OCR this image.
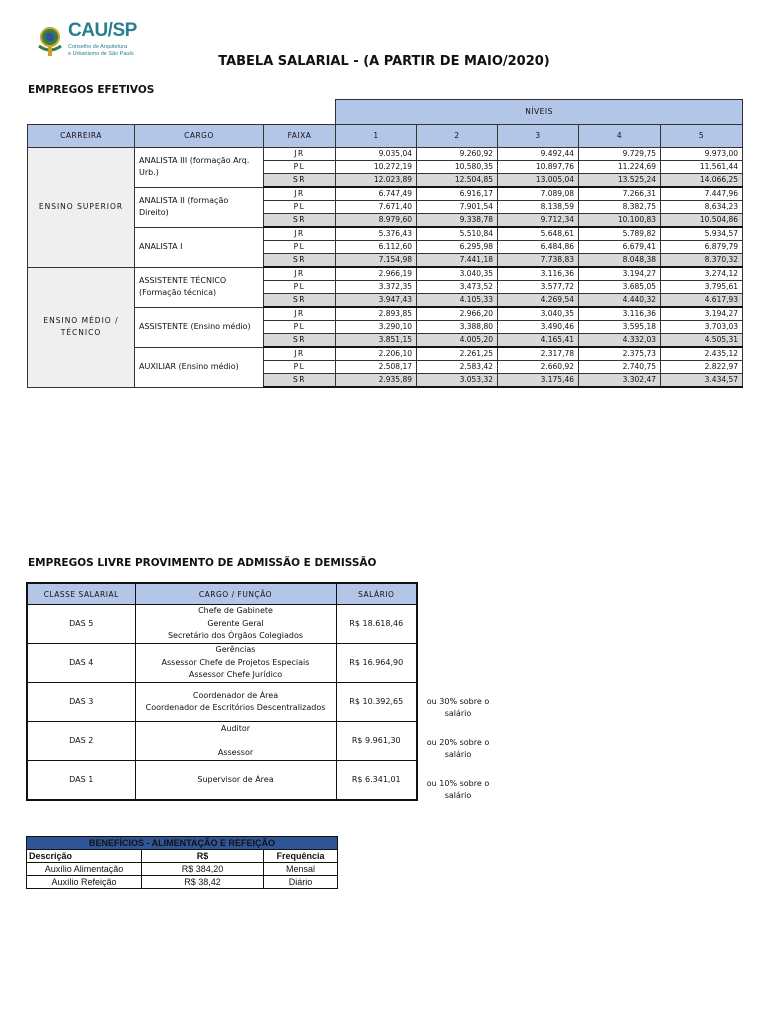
CAU/SP
Conselho de Arquitetura
e Urbanismo de São Paulo	TABELA SALARIAL - (A PARTIR DE MAIO/2020)
EMPREGOS EFETIVOS
			NÍVEIS				
CARREIRA	CARGO	FAIXA	1	2	3	4	5
ENSINO SUPERIOR	ANALISTA III (formação Arq. Urb.)	JR	9.035,04	9.260,92	9.492,44	9.729,75	9.973,00
		PL	10.272,19	10.580,35	10.897,76	11.224,69	11.561,44
		SR	12.023,89	12.504,85	13.005,04	13.525,24	14.066,25
	ANALISTA II (formação Direito)	JR	6.747,49	6.916,17	7.089,08	7.266,31	7.447,96
		PL	7.671,40	7.901,54	8.138,59	8.382,75	8.634,23
		SR	8.979,60	9.338,78	9.712,34	10.100,83	10.504,86
	ANALISTA I	JR	5.376,43	5.510,84	5.648,61	5.789,82	5.934,57
		PL	6.112,60	6.295,98	6.484,86	6.679,41	6.879,79
		SR	7.154,98	7.441,18	7.738,83	8.048,38	8.370,32
ENSINO MÉDIO / TÉCNICO	ASSISTENTE TÉCNICO (Formação técnica)	JR	2.966,19	3.040,35	3.116,36	3.194,27	3.274,12
		PL	3.372,35	3.473,52	3.577,72	3.685,05	3.795,61
		SR	3.947,43	4.105,33	4.269,54	4.440,32	4.617,93
	ASSISTENTE (Ensino médio)	JR	2.893,85	2.966,20	3.040,35	3.116,36	3.194,27
		PL	3.290,10	3.388,80	3.490,46	3.595,18	3.703,03
		SR	3.851,15	4.005,20	4.165,41	4.332,03	4.505,31
	AUXILIAR (Ensino médio)	JR	2.206,10	2.261,25	2.317,78	2.375,73	2.435,12
		PL	2.508,17	2.583,42	2.660,92	2.740,75	2.822,97
		SR	2.935,89	3.053,32	3.175,46	3.302,47	3.434,57
EMPREGOS LIVRE PROVIMENTO DE ADMISSÃO E DEMISSÃO
CLASSE SALARIAL	CARGO / FUNÇÃO	SALÁRIO
DAS 5	Chefe de Gabinete
Gerente Geral
Secretário dos Órgãos Colegiados	R$ 18.618,46
DAS 4	Gerências
Assessor Chefe de Projetos Especiais
Assessor Chefe Jurídico	R$ 16.964,90
DAS 3	Coordenador de Área
Coordenador de Escritórios Descentralizados	R$ 10.392,65
DAS 2	Auditor
Assessor	R$ 9.961,30
DAS 1	Supervisor de Área	R$ 6.341,01
ou 30% sobre o salário
ou 20% sobre o salário
ou 10% sobre o salário
BENEFÍCIOS - ALIMENTAÇÃO E REFEIÇÃO		
Descrição	R$	Frequência
Auxílio Alimentação	R$ 384,20	Mensal
Auxílio Refeição	R$ 38,42	Diário
